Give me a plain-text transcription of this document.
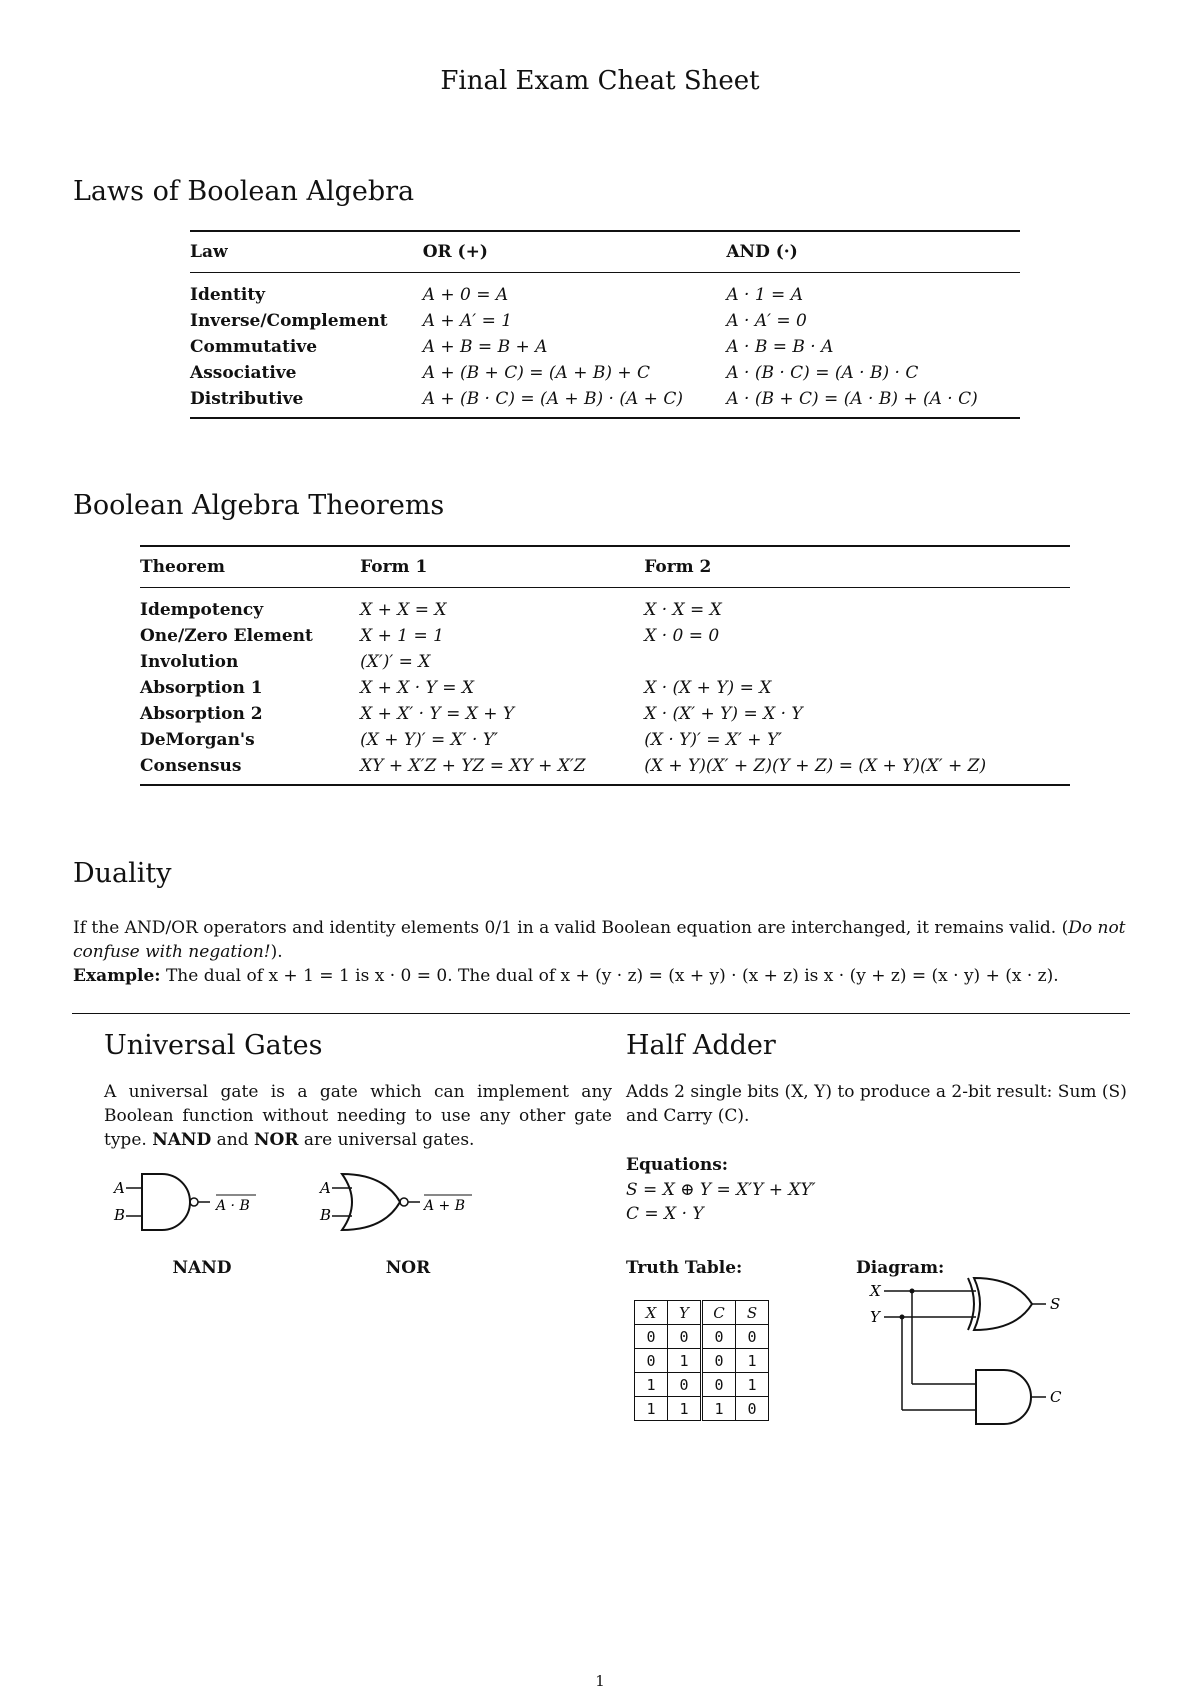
Final Exam Cheat Sheet
Laws of Boolean Algebra
Law	OR (+)	AND (·)
Identity	A + 0 = A	A · 1 = A
Inverse/Complement	A + A′ = 1	A · A′ = 0
Commutative	A + B = B + A	A · B = B · A
Associative	A + (B + C) = (A + B) + C	A · (B · C) = (A · B) · C
Distributive	A + (B · C) = (A + B) · (A + C)	A · (B + C) = (A · B) + (A · C)
Boolean Algebra Theorems
Theorem	Form 1	Form 2
Idempotency	X + X = X	X · X = X
One/Zero Element	X + 1 = 1	X · 0 = 0
Involution	(X′)′ = X	
Absorption 1	X + X · Y = X	X · (X + Y) = X
Absorption 2	X + X′ · Y = X + Y	X · (X′ + Y) = X · Y
DeMorgan's	(X + Y)′ = X′ · Y′	(X · Y)′ = X′ + Y′
Consensus	XY + X′Z + YZ = XY + X′Z	(X + Y)(X′ + Z)(Y + Z) = (X + Y)(X′ + Z)
Duality

If the AND/OR operators and identity elements 0/1 in a valid Boolean equation are interchanged, it remains valid. (Do not confuse with negation!).
Example: The dual of x + 1 = 1 is x · 0 = 0. The dual of x + (y · z) = (x + y) · (x + z) is x · (y + z) = (x · y) + (x · z).

Universal Gates

A universal gate is a gate which can implement any Boolean function without needing to use any other gate type. NAND and NOR are universal gates.

A
B	A · B
NAND
A
B	A + B
NOR
Half Adder

Adds 2 single bits (X, Y) to produce a 2-bit result: Sum (S) and Carry (C).

Equations:
S = X ⊕ Y = X′Y + XY′
C = X · Y
Truth Table:
X	Y	C	S
0	0	0	0
0	1	0	1
1	0	0	1
1	1	1	0
Diagram:
X
Y
S
C
1
